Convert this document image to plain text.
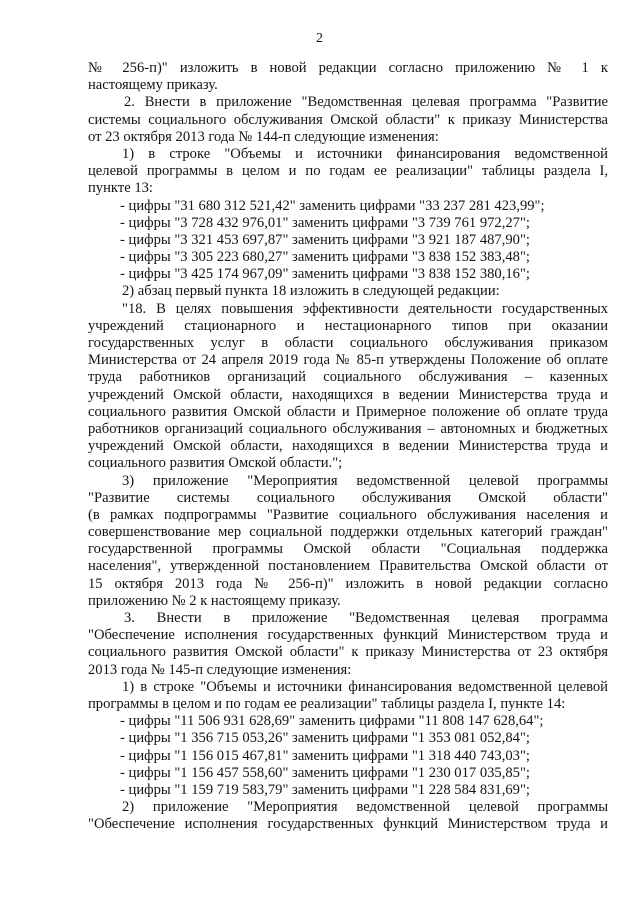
2
№ 256-п)" изложить в новой редакции согласно приложению № 1 к
настоящему приказу.
2. Внести в приложение "Ведомственная целевая программа "Развитие
системы социального обслуживания Омской области" к приказу Министерства
от 23 октября 2013 года № 144-п следующие изменения:
1) в строке "Объемы и источники финансирования ведомственной
целевой программы в целом и по годам ее реализации" таблицы раздела I,
пункте 13:
- цифры "31 680 312 521,42" заменить цифрами "33 237 281 423,99";
- цифры "3 728 432 976,01" заменить цифрами "3 739 761 972,27";
- цифры "3 321 453 697,87" заменить цифрами "3 921 187 487,90";
- цифры "3 305 223 680,27" заменить цифрами "3 838 152 383,48";
- цифры "3 425 174 967,09" заменить цифрами "3 838 152 380,16";
2) абзац первый пункта 18 изложить в следующей редакции:
"18. В целях повышения эффективности деятельности государственных
учреждений стационарного и нестационарного типов при оказании
государственных услуг в области социального обслуживания приказом
Министерства от 24 апреля 2019 года № 85-п утверждены Положение об оплате
труда работников организаций социального обслуживания – казенных
учреждений Омской области, находящихся в ведении Министерства труда и
социального развития Омской области и Примерное положение об оплате труда
работников организаций социального обслуживания – автономных и бюджетных
учреждений Омской области, находящихся в ведении Министерства труда и
социального развития Омской области.";
3) приложение "Мероприятия ведомственной целевой программы
"Развитие системы социального обслуживания Омской области"
(в рамках подпрограммы "Развитие социального обслуживания населения и
совершенствование мер социальной поддержки отдельных категорий граждан"
государственной программы Омской области "Социальная поддержка
населения", утвержденной постановлением Правительства Омской области от
15 октября 2013 года № 256-п)" изложить в новой редакции согласно
приложению № 2 к настоящему приказу.
3. Внести в приложение "Ведомственная целевая программа
"Обеспечение исполнения государственных функций Министерством труда и
социального развития Омской области" к приказу Министерства от 23 октября
2013 года № 145-п следующие изменения:
1) в строке "Объемы и источники финансирования ведомственной целевой
программы в целом и по годам ее реализации" таблицы раздела I, пункте 14:
- цифры "11 506 931 628,69" заменить цифрами "11 808 147 628,64";
- цифры "1 356 715 053,26" заменить цифрами "1 353 081 052,84";
- цифры "1 156 015 467,81" заменить цифрами "1 318 440 743,03";
- цифры "1 156 457 558,60" заменить цифрами "1 230 017 035,85";
- цифры "1 159 719 583,79" заменить цифрами "1 228 584 831,69";
2) приложение "Мероприятия ведомственной целевой программы
"Обеспечение исполнения государственных функций Министерством труда и
